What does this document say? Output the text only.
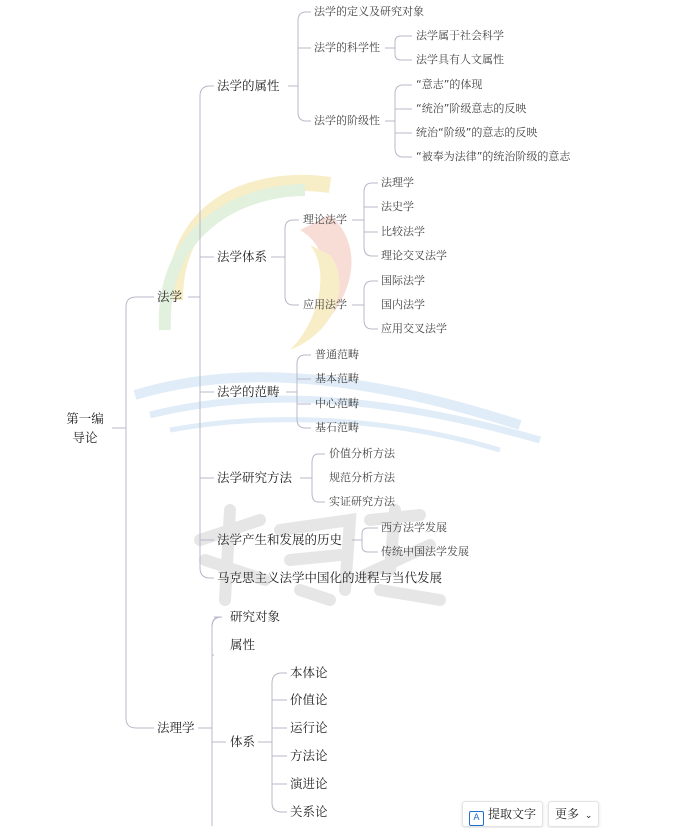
第一编
导论
法学
法理学
法学的属性
法学体系
法学的范畴
法学研究方法
法学产生和发展的历史
马克思主义法学中国化的进程与当代发展
法学的定义及研究对象
法学的科学性
法学属于社会科学
法学具有人文属性
法学的阶级性
“意志”的体现
“统治”阶级意志的反映
统治“阶级”的意志的反映
“被奉为法律”的统治阶级的意志
理论法学
法理学
法史学
比较法学
理论交叉法学
应用法学
国际法学
国内法学
应用交叉法学
普通范畴
基本范畴
中心范畴
基石范畴
价值分析方法
规范分析方法
实证研究方法
西方法学发展
传统中国法学发展
研究对象
属性
体系
本体论
价值论
运行论
方法论
演进论
关系论	A 提取文字	更多 ⌄
